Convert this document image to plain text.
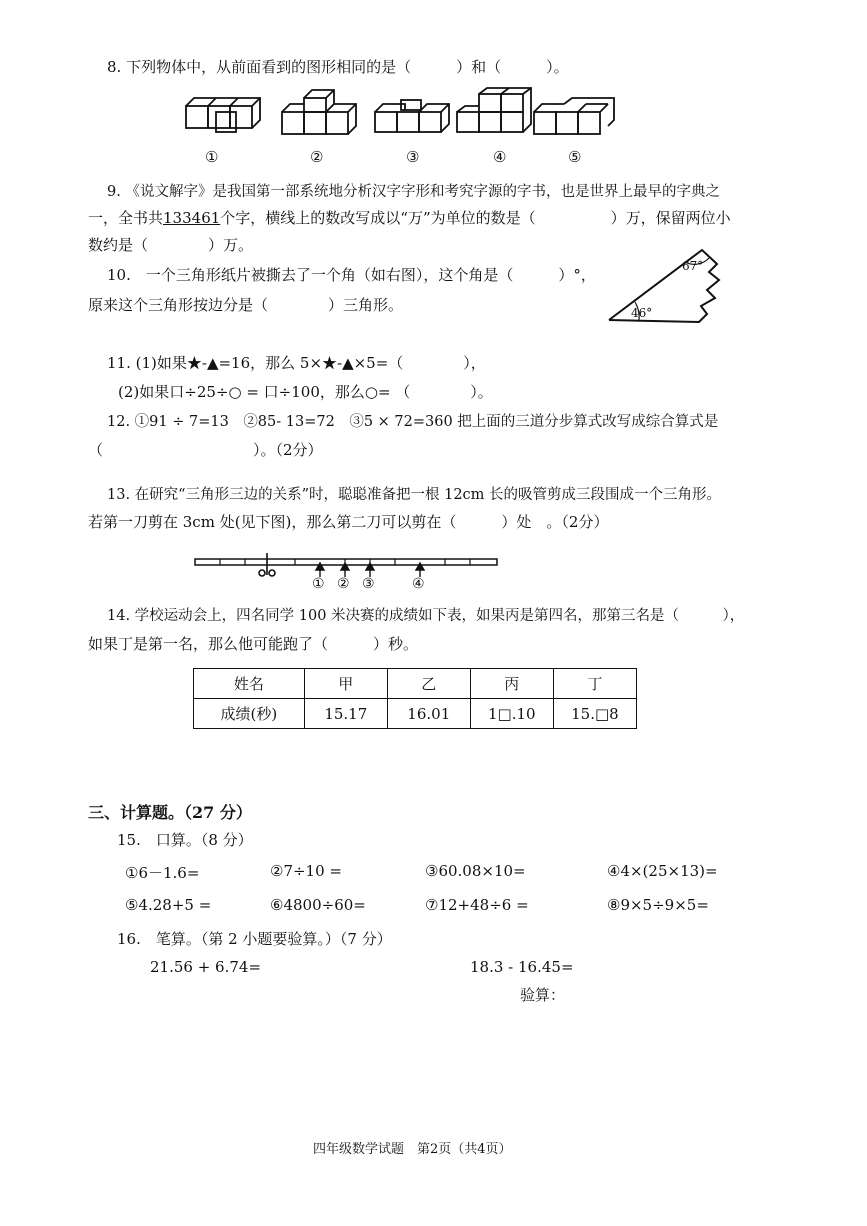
8. 下列物体中，从前面看到的图形相同的是（　　　）和（　　　）。
①	②	③	④	⑤
9. 《说文解字》是我国第一部系统地分析汉字字形和考究字源的字书，也是世界上最早的字典之
一，全书共133461个字，横线上的数改写成以“万”为单位的数是（　　　　　）万，保留两位小
数约是（　　　　）万。
10.　一个三角形纸片被撕去了一个角（如右图），这个角是（　　　）°，
原来这个三角形按边分是（　　　　）三角形。
67°
46°
11. (1)如果★-▲=16，那么 5×★-▲×5=（　　　　），
(2)如果口÷25÷○ = 口÷100，那么○= （　　　　）。
12. ①91 ÷ 7=13　②85- 13=72　③5 × 72=360 把上面的三道分步算式改写成综合算式是
（　　　　　　　　　　）。（2分）
13. 在研究“三角形三边的关系”时，聪聪准备把一根 12cm 长的吸管剪成三段围成一个三角形。
若第一刀剪在 3cm 处(见下图)，那么第二刀可以剪在（　　　）处　。（2分）
① ② ③	④
14. 学校运动会上，四名同学 100 米决赛的成绩如下表，如果丙是第四名，那第三名是（　　　），
如果丁是第一名，那么他可能跑了（　　　）秒。
姓名	甲	乙	丙	丁
成绩(秒)	15.17	16.01	1□.10	15.□8
三、计算题。（27 分）
15.　口算。（8 分）
①6－1.6=	②7÷10 =	③60.08×10=	④4×(25×13)=
⑤4.28+5 =	⑥4800÷60=	⑦12+48÷6 =	⑧9×5÷9×5=
16.　笔算。（第 2 小题要验算。）（7 分）
21.56 + 6.74=	18.3 - 16.45=
验算：
四年级数学试题　第2页（共4页）
